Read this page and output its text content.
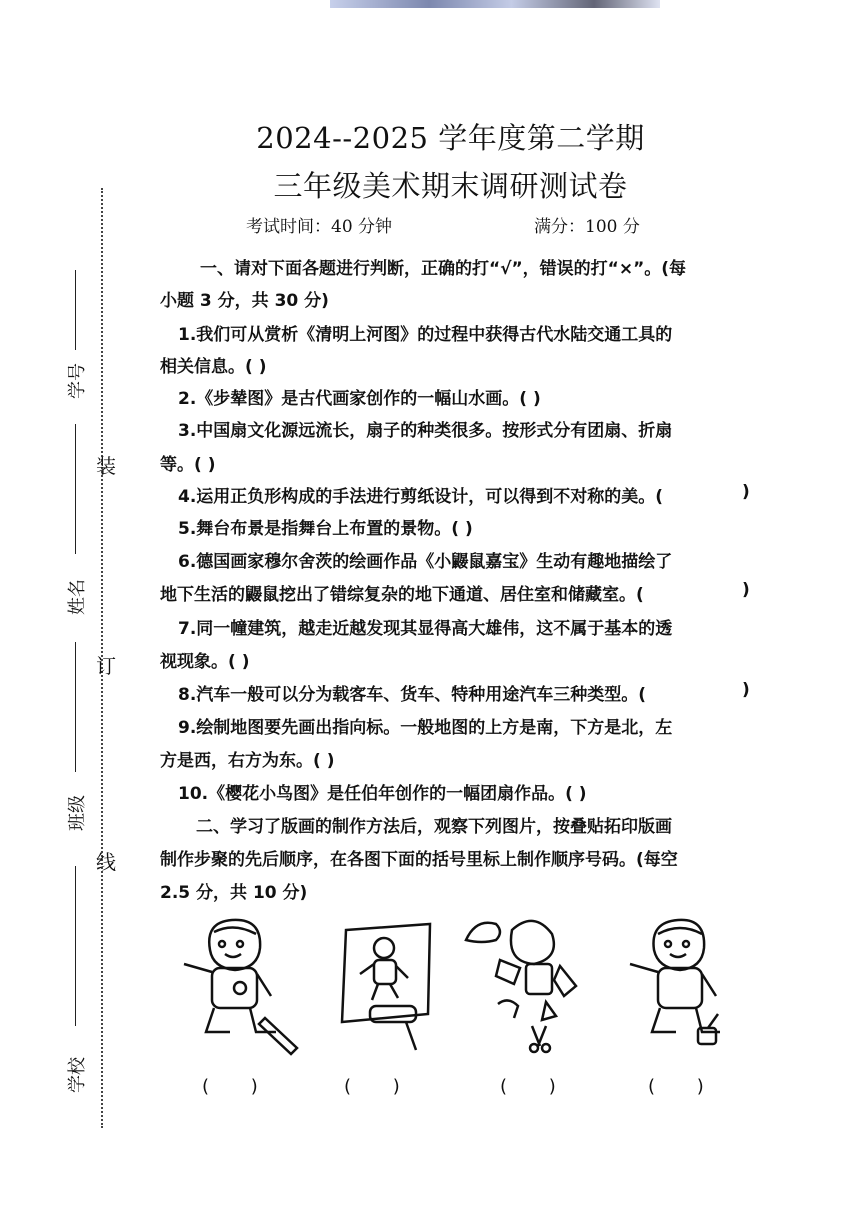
2024--2025 学年度第二学期
三年级美术期末调研测试卷
考试时间：40 分钟	满分：100 分
学号
姓名
班级
学校
装
订
线
一、请对下面各题进行判断，正确的打“√”，错误的打“×”。(每
小题 3 分，共 30 分)
1.我们可从赏析《清明上河图》的过程中获得古代水陆交通工具的
相关信息。( )
2.《步辇图》是古代画家创作的一幅山水画。( )
3.中国扇文化源远流长，扇子的种类很多。按形式分有团扇、折扇
等。( )
4.运用正负形构成的手法进行剪纸设计，可以得到不对称的美。(	)
5.舞台布景是指舞台上布置的景物。( )
6.德国画家穆尔舍茨的绘画作品《小鼹鼠嘉宝》生动有趣地描绘了
地下生活的鼹鼠挖出了错综复杂的地下通道、居住室和储藏室。(	)
7.同一幢建筑，越走近越发现其显得高大雄伟，这不属于基本的透
视现象。( )
8.汽车一般可以分为载客车、货车、特种用途汽车三种类型。(	)
9.绘制地图要先画出指向标。一般地图的上方是南，下方是北，左
方是西，右方为东。( )
10.《樱花小鸟图》是任伯年创作的一幅团扇作品。( )
二、学习了版画的制作方法后，观察下列图片，按叠贴拓印版画
制作步聚的先后顺序，在各图下面的括号里标上制作顺序号码。(每空
2.5 分，共 10 分)
( )	( )	( )	( )
